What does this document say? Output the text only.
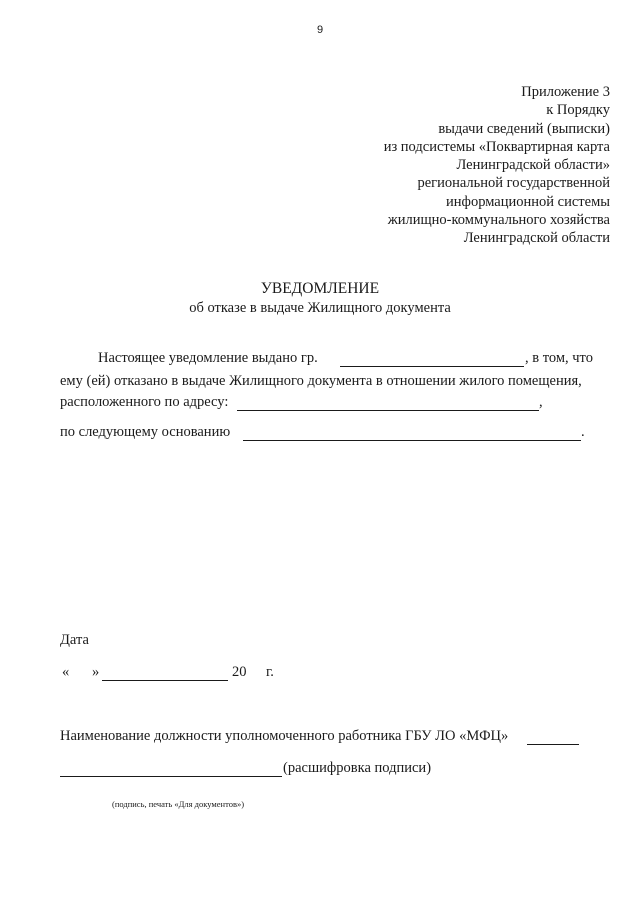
9
Приложение 3
к Порядку
выдачи сведений (выписки)
из подсистемы «Поквартирная карта
Ленинградской области»
региональной государственной
информационной системы
жилищно-коммунального хозяйства
Ленинградской области
УВЕДОМЛЕНИЕ
об отказе в выдаче Жилищного документа
Настоящее уведомление выдано гр.	, в том, что
ему (ей) отказано в выдаче Жилищного документа в отношении жилого помещения,
расположенного по адресу:	,
по следующему основанию	.
Дата
« »	20 г.
Наименование должности уполномоченного работника ГБУ ЛО «МФЦ»
(расшифровка подписи)
(подпись, печать «Для документов»)
